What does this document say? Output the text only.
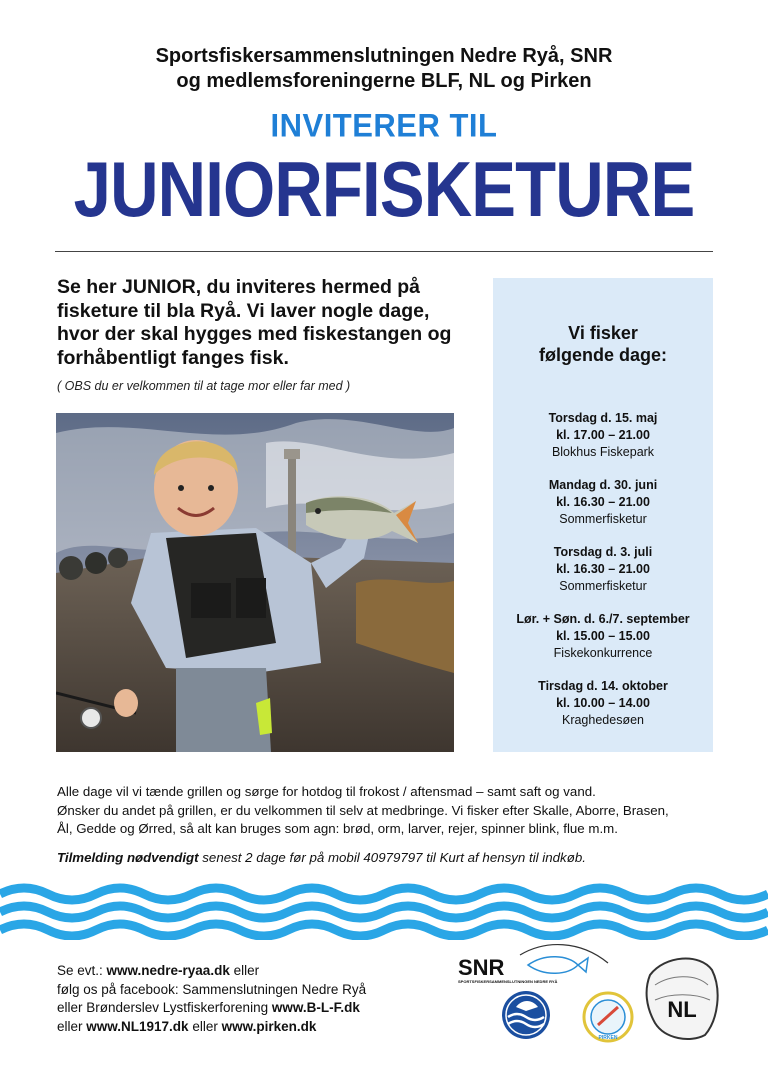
Sportsfiskersammenslutningen Nedre Ryå, SNR
og medlemsforeningerne BLF, NL og Pirken
INVITERER TIL
JUNIORFISKETURE
Se her JUNIOR, du inviteres hermed på fisketure til bla Ryå. Vi laver nogle dage, hvor der skal hygges med fiskestangen og forhåbentligt fanges fisk.
( OBS du er velkommen til at tage mor eller far med )
Vi fisker
følgende dage:
Torsdag d. 15. maj
kl. 17.00 – 21.00
Blokhus Fiskepark
Mandag d. 30. juni
kl. 16.30 – 21.00
Sommerfisketur
Torsdag d. 3. juli
kl. 16.30 – 21.00
Sommerfisketur
Lør. + Søn. d. 6./7. september
kl. 15.00 – 15.00
Fiskekonkurrence
Tirsdag d. 14. oktober
kl. 10.00 – 14.00
Kraghedesøen
Alle dage vil vi tænde grillen og sørge for hotdog til frokost / aftensmad – samt saft og vand.
Ønsker du andet på grillen, er du velkommen til selv at medbringe. Vi fisker efter Skalle, Aborre, Brasen,
Ål, Gedde og Ørred, så alt kan bruges som agn: brød, orm, larver, rejer, spinner blink, flue m.m.
Tilmelding nødvendigt senest 2 dage før på mobil 40979797 til Kurt af hensyn til indkøb.
Se evt.: www.nedre-ryaa.dk eller
følg os på facebook: Sammenslutningen Nedre Ryå
eller Brønderslev Lystfiskerforening www.B-L-F.dk
eller www.NL1917.dk eller www.pirken.dk
SNR
SPORTSFISKERSAMMENSLUTNINGEN NEDRE RYÅ
PIRKEN
NL
